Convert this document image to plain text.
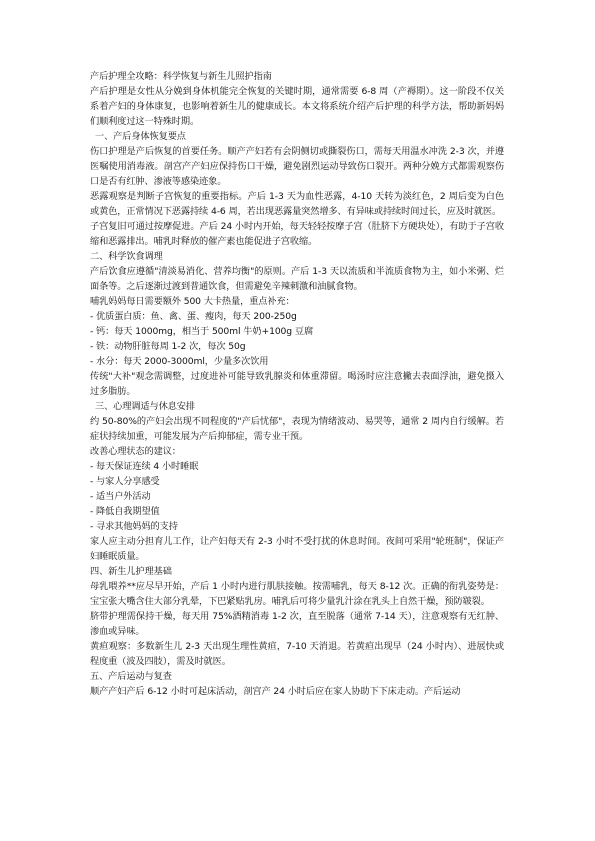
产后护理全攻略：科学恢复与新生儿照护指南

产后护理是女性从分娩到身体机能完全恢复的关键时期，通常需要 6-8 周（产褥期）。这一阶段不仅关系着产妇的身体康复，也影响着新生儿的健康成长。本文将系统介绍产后护理的科学方法，帮助新妈妈们顺利度过这一特殊时期。

一、产后身体恢复要点

伤口护理是产后恢复的首要任务。顺产产妇若有会阴侧切或撕裂伤口，需每天用温水冲洗 2-3 次，并遵医嘱使用消毒液。剖宫产产妇应保持伤口干燥，避免剧烈运动导致伤口裂开。两种分娩方式都需观察伤口是否有红肿、渗液等感染迹象。

恶露观察是判断子宫恢复的重要指标。产后 1-3 天为血性恶露，4-10 天转为淡红色，2 周后变为白色或黄色，正常情况下恶露持续 4-6 周，若出现恶露量突然增多、有异味或持续时间过长，应及时就医。

子宫复旧可通过按摩促进。产后 24 小时内开始，每天轻轻按摩子宫（肚脐下方硬块处），有助于子宫收缩和恶露排出。哺乳时释放的催产素也能促进子宫收缩。

二、科学饮食调理

产后饮食应遵循"清淡易消化、营养均衡"的原则。产后 1-3 天以流质和半流质食物为主，如小米粥、烂面条等。之后逐渐过渡到普通饮食，但需避免辛辣刺激和油腻食物。

哺乳妈妈每日需要额外 500 大卡热量，重点补充：

- 优质蛋白质：鱼、禽、蛋、瘦肉，每天 200-250g

- 钙：每天 1000mg，相当于 500ml 牛奶+100g 豆腐

- 铁：动物肝脏每周 1-2 次，每次 50g

- 水分：每天 2000-3000ml，少量多次饮用

传统"大补"观念需调整，过度进补可能导致乳腺炎和体重滞留。喝汤时应注意撇去表面浮油，避免摄入过多脂肪。

三、心理调适与休息安排

约 50-80%的产妇会出现不同程度的"产后忧郁"，表现为情绪波动、易哭等，通常 2 周内自行缓解。若症状持续加重，可能发展为产后抑郁症，需专业干预。

改善心理状态的建议：

- 每天保证连续 4 小时睡眠

- 与家人分享感受

- 适当户外活动

- 降低自我期望值

- 寻求其他妈妈的支持

家人应主动分担育儿工作，让产妇每天有 2-3 小时不受打扰的休息时间。夜间可采用"轮班制"，保证产妇睡眠质量。

四、新生儿护理基础

母乳喂养**应尽早开始，产后 1 小时内进行肌肤接触。按需哺乳，每天 8-12 次。正确的衔乳姿势是：宝宝张大嘴含住大部分乳晕，下巴紧贴乳房。哺乳后可将少量乳汁涂在乳头上自然干燥，预防皲裂。

脐带护理需保持干燥，每天用 75%酒精消毒 1-2 次，直至脱落（通常 7-14 天），注意观察有无红肿、渗血或异味。

黄疸观察：多数新生儿 2-3 天出现生理性黄疸，7-10 天消退。若黄疸出现早（24 小时内）、进展快或程度重（波及四肢），需及时就医。

五、产后运动与复查

顺产产妇产后 6-12 小时可起床活动，剖宫产 24 小时后应在家人协助下下床走动。产后运动
